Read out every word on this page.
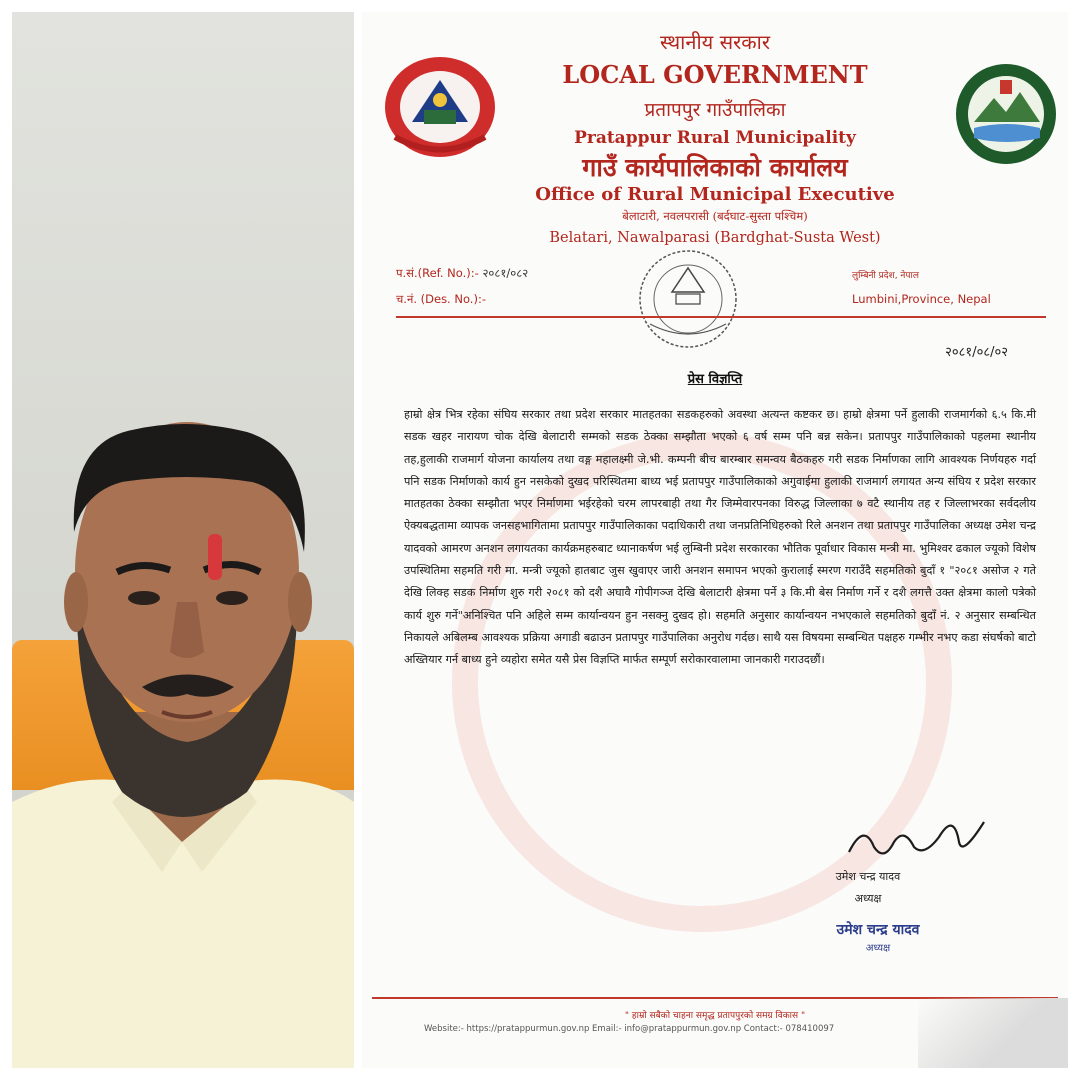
स्थानीय सरकार
LOCAL GOVERNMENT
प्रतापपुर गाउँपालिका
Pratappur Rural Municipality
गाउँ कार्यपालिकाको कार्यालय
Office of Rural Municipal Executive
बेलाटारी, नवलपरासी (बर्दघाट-सुस्ता पश्चिम)
Belatari, Nawalparasi (Bardghat-Susta West)
प.सं.(Ref. No.):- २०८१/०८२
च.नं. (Des. No.):-
लुम्बिनी प्रदेश, नेपाल
Lumbini,Province, Nepal
२०८१/०८/०२
प्रेस विज्ञप्ति
हाम्रो क्षेत्र भित्र रहेका संघिय सरकार तथा प्रदेश सरकार मातहतका सडकहरुको अवस्था अत्यन्त कष्टकर छ। हाम्रो क्षेत्रमा पर्ने हुलाकी राजमार्गको ६.५ कि.मी सडक खहर नारायण चोक देखि बेलाटारी सम्मको सडक ठेक्का सम्झौता भएको ६ वर्ष सम्म पनि बन्न सकेन। प्रतापपुर गाउँपालिकाको पहलमा स्थानीय तह,हुलाकी राजमार्ग योजना कार्यालय तथा वङ्ग महालक्ष्मी जे.भी. कम्पनी बीच बारम्बार समन्वय बैठकहरु गरी सडक निर्माणका लागि आवश्यक निर्णयहरु गर्दा पनि सडक निर्माणको कार्य हुन नसकेको दुखद परिस्थितमा बाध्य भई प्रतापपुर गाउँपालिकाको अगुवाईमा हुलाकी राजमार्ग लगायत अन्य संघिय र प्रदेश सरकार मातहतका ठेक्का सम्झौता भएर निर्माणमा भईरहेको चरम लापरबाही तथा गैर जिम्मेवारपनका विरुद्ध जिल्लाका ७ वटै स्थानीय तह र जिल्लाभरका सर्वदलीय ऐक्यबद्धतामा व्यापक जनसहभागितामा प्रतापपुर गाउँपालिकाका पदाधिकारी तथा जनप्रतिनिधिहरुको रिले अनशन तथा प्रतापपुर गाउँपालिका अध्यक्ष उमेश चन्द्र यादवको आमरण अनशन लगायतका कार्यक्रमहरुबाट ध्यानाकर्षण भई लुम्बिनी प्रदेश सरकारका भौतिक पूर्वाधार विकास मन्त्री मा. भुमिश्वर ढकाल ज्यूको विशेष उपस्थितिमा सहमति गरी मा. मन्त्री ज्यूको हातबाट जुस खुवाएर जारी अनशन समापन भएको कुरालाई स्मरण गराउँदै सहमतिको बुदाँ १ "२०८१ असोज २ गते देखि लिक्ह सडक निर्माण शुरु गरी २०८१ को दशै अघावै गोपीगञ्ज देखि बेलाटारी क्षेत्रमा पर्ने ३ कि.मी बेस निर्माण गर्ने र दशै लगत्तै उक्त क्षेत्रमा कालो पत्रेको कार्य शुरु गर्ने"अनिश्चित पनि अहिले सम्म कार्यान्वयन हुन नसक्नु दुखद हो। सहमति अनुसार कार्यान्वयन नभएकाले सहमतिको बुदाँ नं. २ अनुसार सम्बन्धित निकायले अबिलम्ब आवश्यक प्रक्रिया अगाडी बढाउन प्रतापपुर गाउँपालिका अनुरोध गर्दछ। साथै यस विषयमा सम्बन्धित पक्षहरु गम्भीर नभए कडा संघर्षको बाटो अख्तियार गर्न बाध्य हुने व्यहोरा समेत यसै प्रेस विज्ञप्ति मार्फत सम्पूर्ण सरोकारवालामा जानकारी गराउदछौं।
उमेश चन्द्र यादव
अध्यक्ष
उमेश चन्द्र यादव
अध्यक्ष
" हाम्रो सबैको चाहना समृद्ध प्रतापपुरको समग्र विकास "
Website:- https://pratappurmun.gov.np Email:- info@pratappurmun.gov.np Contact:- 078410097
